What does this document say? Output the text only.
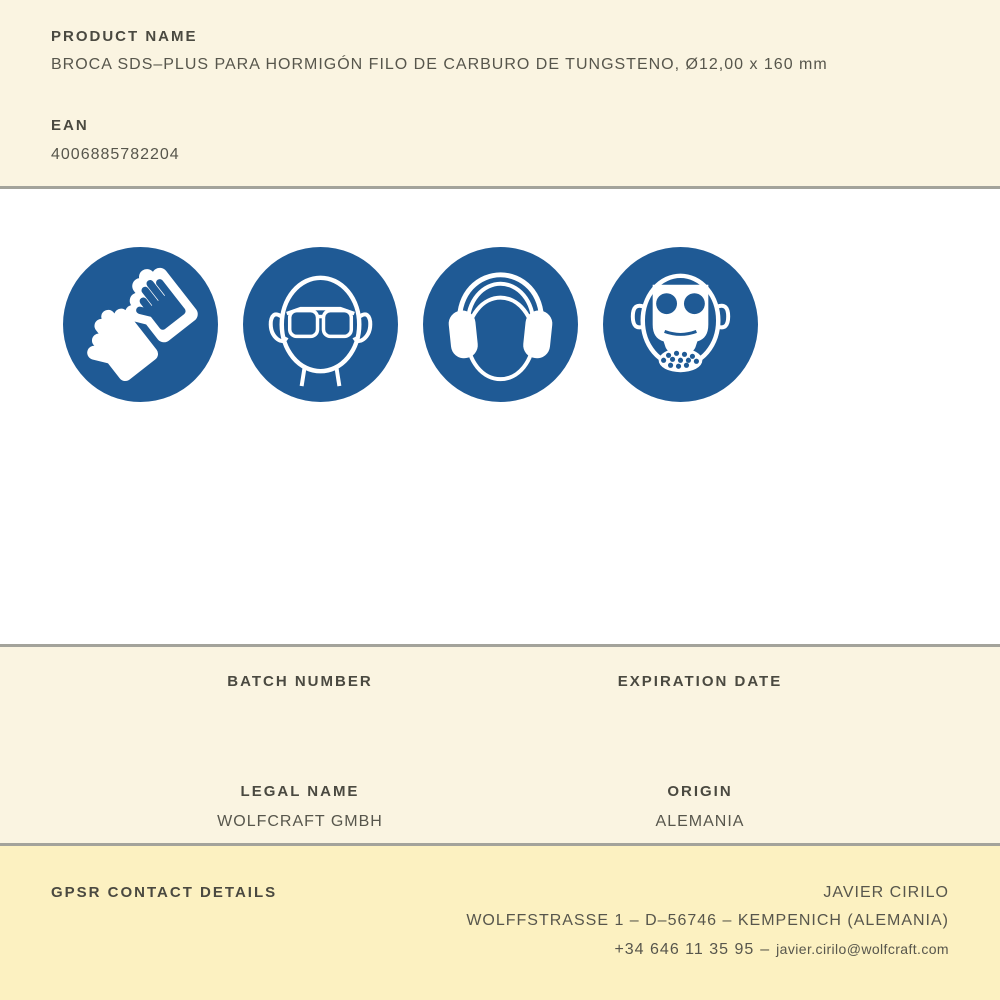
PRODUCT NAME
BROCA SDS–PLUS PARA HORMIGÓN FILO DE CARBURO DE TUNGSTENO, Ø12,00 x 160 mm
EAN
4006885782204
BATCH NUMBER	EXPIRATION DATE
LEGAL NAME
WOLFCRAFT GMBH
ORIGIN
ALEMANIA
GPSR CONTACT DETAILS	JAVIER CIRILO
WOLFFSTRASSE 1 – D–56746 – KEMPENICH (ALEMANIA)
+34 646 11 35 95 – javier.cirilo@wolfcraft.com
